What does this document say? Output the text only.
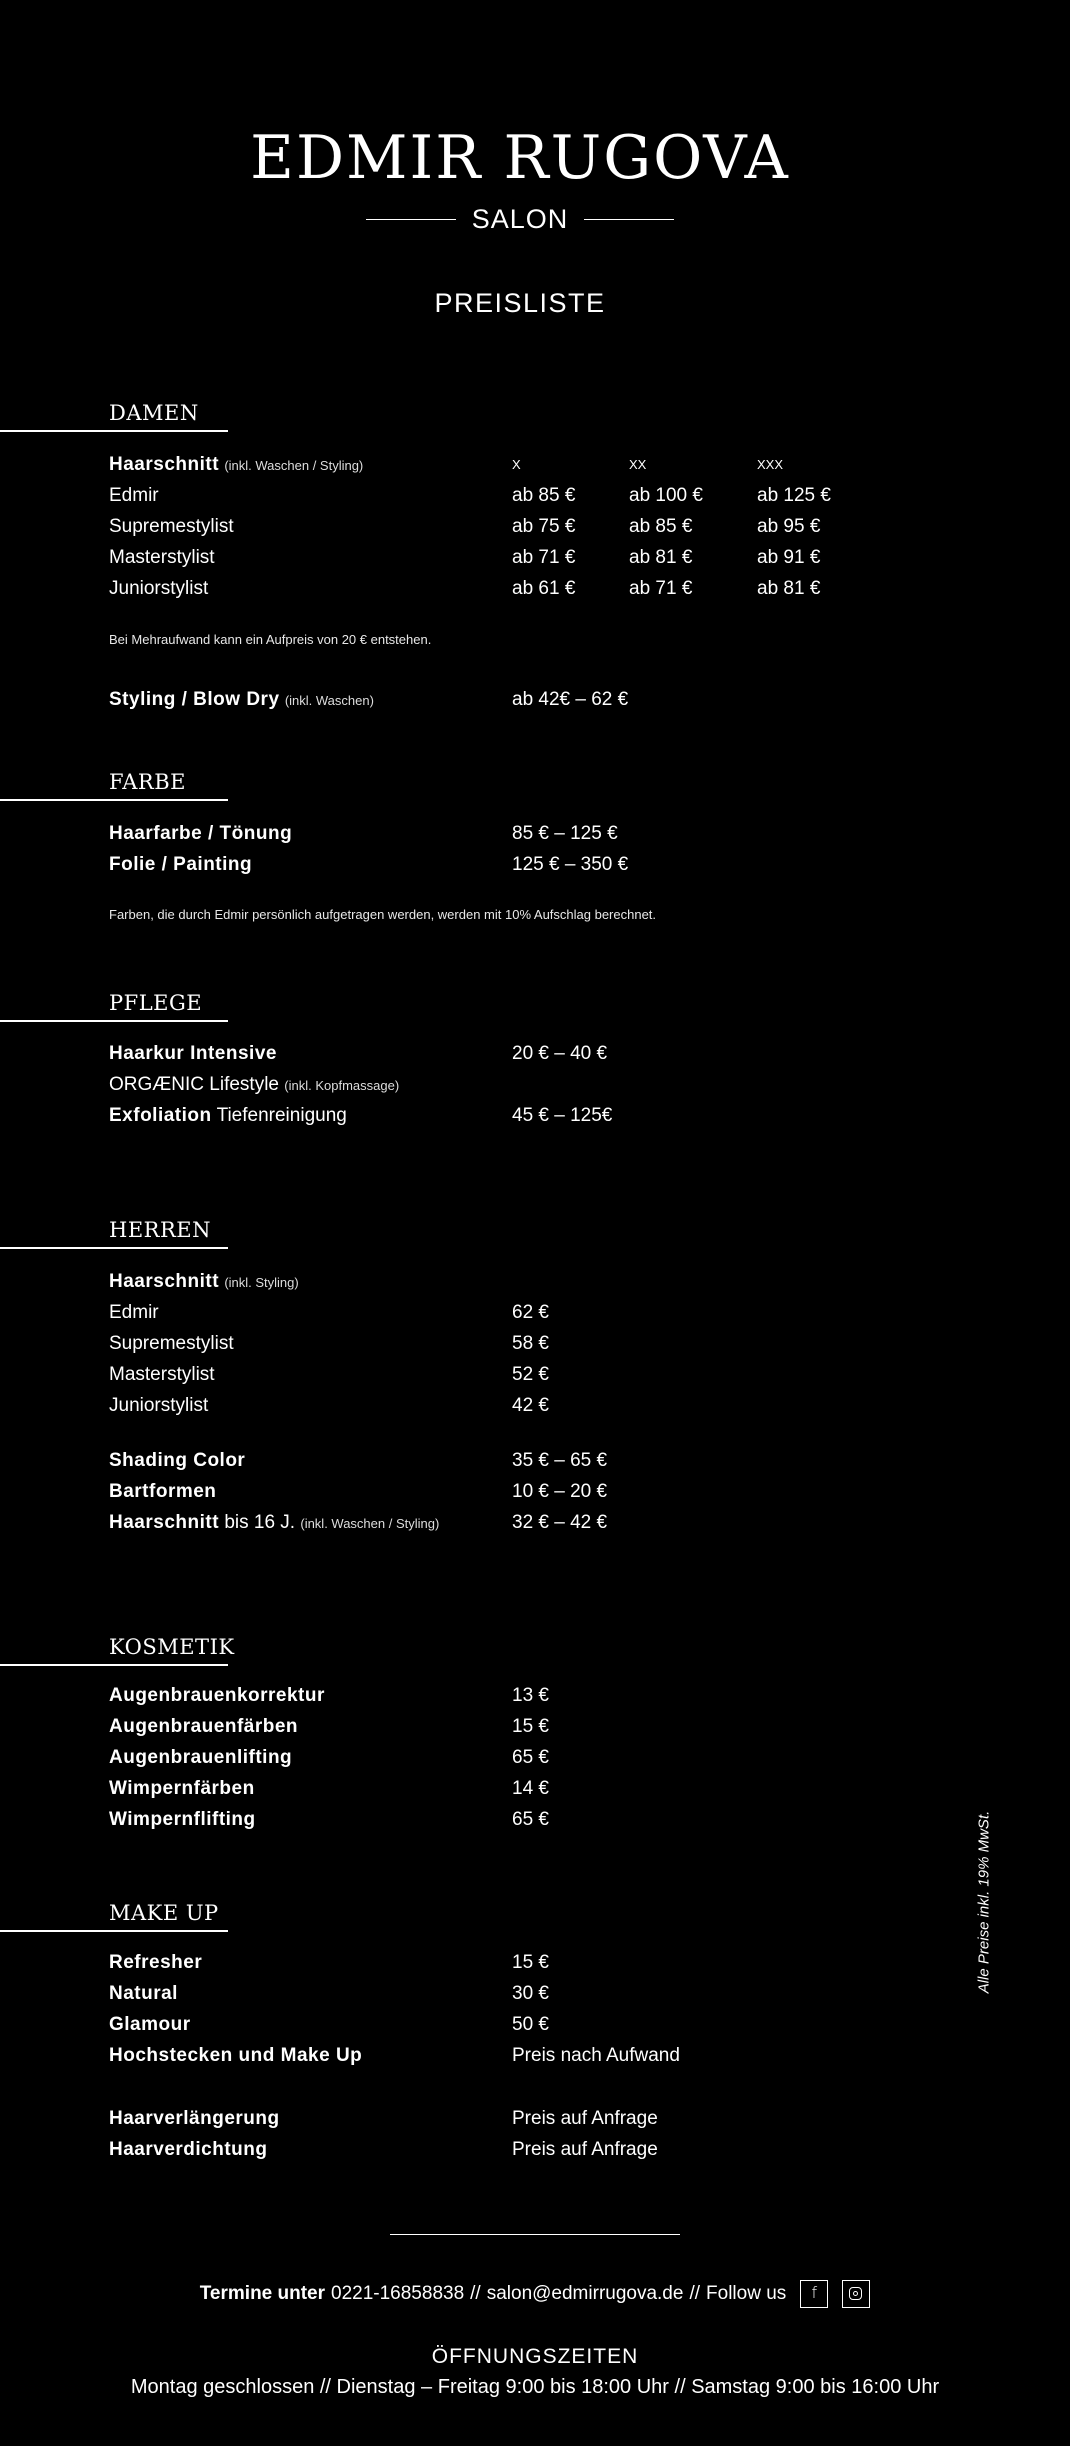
EDMIR RUGOVA
SALON
PREISLISTE
DAMEN
Haarschnitt (inkl. Waschen / Styling)	X	XX	XXX
Edmir	ab 85 €	ab 100 €	ab 125 €
Supremestylist	ab 75 €	ab 85 €	ab 95 €
Masterstylist	ab 71 €	ab 81 €	ab 91 €
Juniorstylist	ab 61 €	ab 71 €	ab 81 €
Bei Mehraufwand kann ein Aufpreis von 20 € entstehen.
Styling / Blow Dry (inkl. Waschen)	ab 42€ – 62 €
FARBE
Haarfarbe / Tönung	85 € – 125 €
Folie / Painting	125 € – 350 €
Farben, die durch Edmir persönlich aufgetragen werden, werden mit 10% Aufschlag berechnet.
PFLEGE
Haarkur Intensive	20 € – 40 €
ORGÆNIC Lifestyle (inkl. Kopfmassage)
Exfoliation Tiefenreinigung	45 € – 125€
HERREN
Haarschnitt (inkl. Styling)
Edmir	62 €
Supremestylist	58 €
Masterstylist	52 €
Juniorstylist	42 €
Shading Color	35 € – 65 €
Bartformen	10 € – 20 €
Haarschnitt bis 16 J. (inkl. Waschen / Styling)	32 € – 42 €
KOSMETIK
Augenbrauenkorrektur	13 €
Augenbrauenfärben	15 €
Augenbrauenlifting	65 €
Wimpernfärben	14 €
Wimpernflifting	65 €
MAKE UP
Refresher	15 €
Natural	30 €
Glamour	50 €
Hochstecken und Make Up	Preis nach Aufwand
Haarverlängerung	Preis auf Anfrage
Haarverdichtung	Preis auf Anfrage
Alle Preise inkl. 19% MwSt.
Termine unter 0221-16858838 // salon@edmirrugova.de // Follow us
f
ÖFFNUNGSZEITEN
Montag geschlossen // Dienstag – Freitag 9:00 bis 18:00 Uhr // Samstag 9:00 bis 16:00 Uhr
